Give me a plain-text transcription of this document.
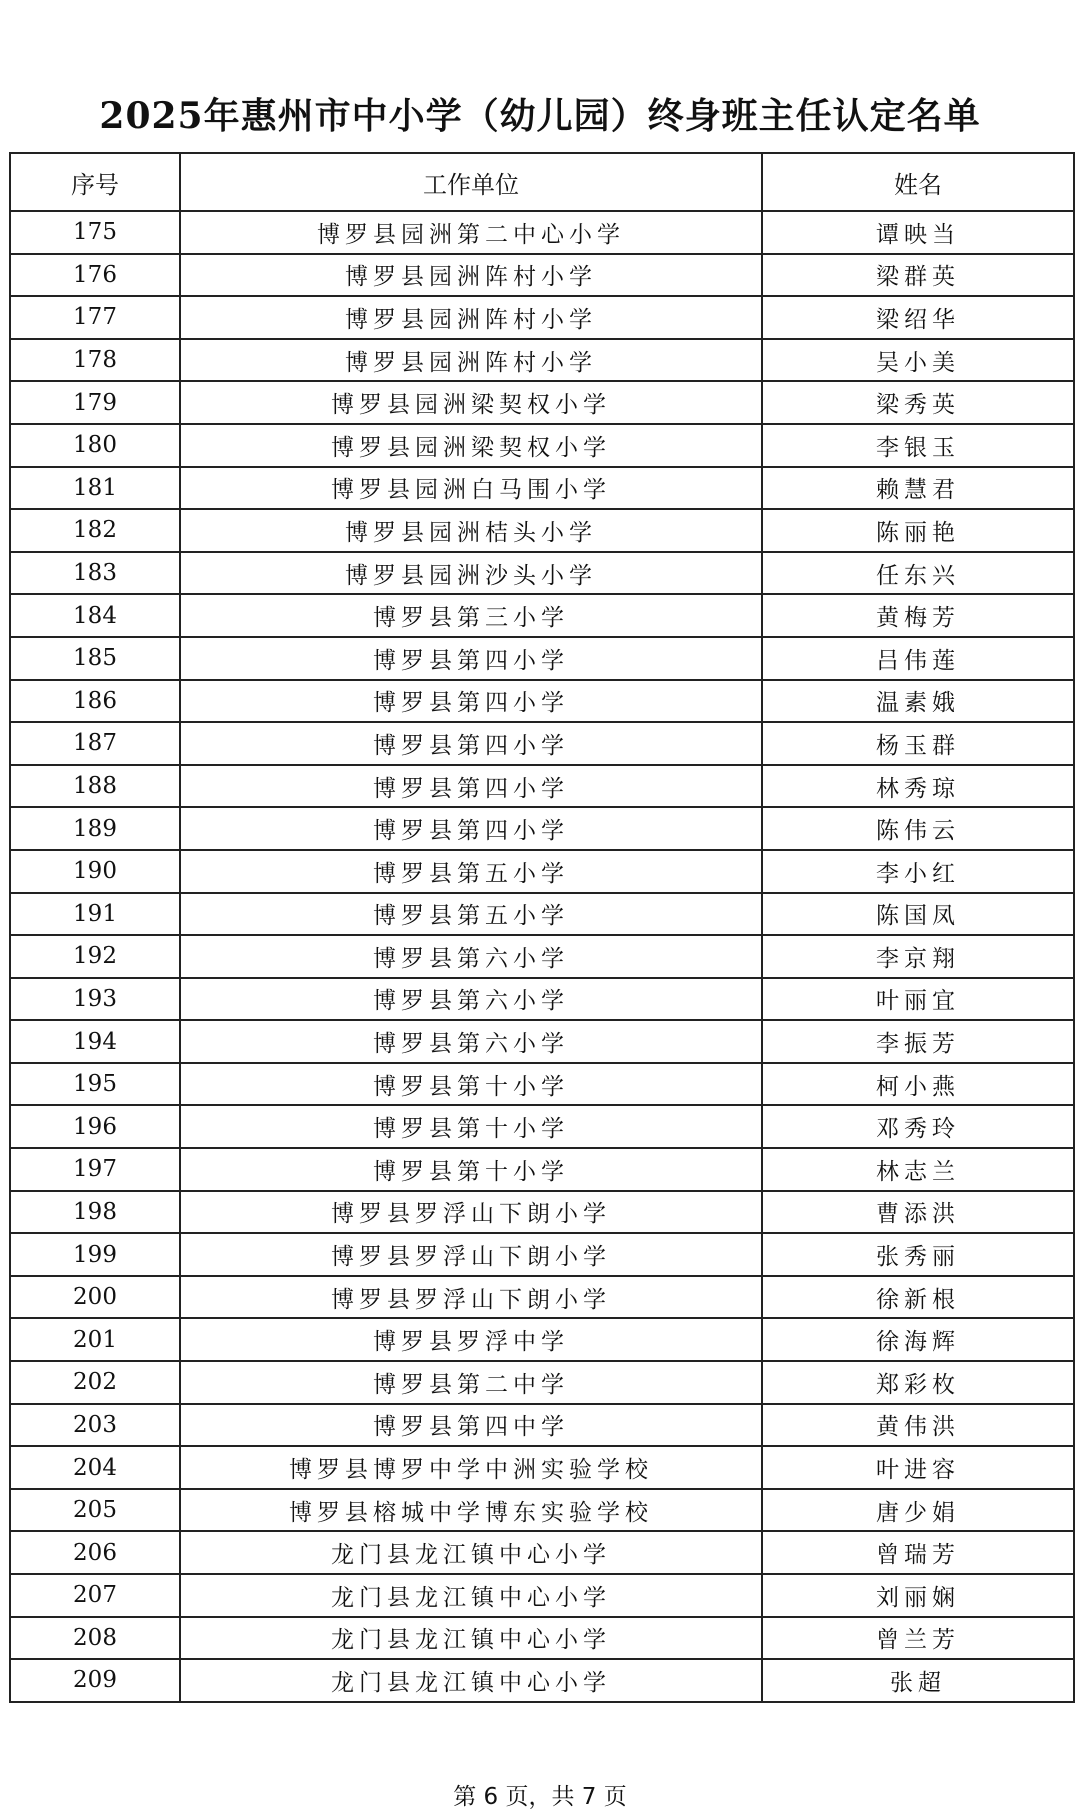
2025年惠州市中小学（幼儿园）终身班主任认定名单
序号	工作单位	姓名
175	博罗县园洲第二中心小学	谭映当
176	博罗县园洲阵村小学	梁群英
177	博罗县园洲阵村小学	梁绍华
178	博罗县园洲阵村小学	吴小美
179	博罗县园洲梁契权小学	梁秀英
180	博罗县园洲梁契权小学	李银玉
181	博罗县园洲白马围小学	赖慧君
182	博罗县园洲桔头小学	陈丽艳
183	博罗县园洲沙头小学	任东兴
184	博罗县第三小学	黄梅芳
185	博罗县第四小学	吕伟莲
186	博罗县第四小学	温素娥
187	博罗县第四小学	杨玉群
188	博罗县第四小学	林秀琼
189	博罗县第四小学	陈伟云
190	博罗县第五小学	李小红
191	博罗县第五小学	陈国凤
192	博罗县第六小学	李京翔
193	博罗县第六小学	叶丽宜
194	博罗县第六小学	李振芳
195	博罗县第十小学	柯小燕
196	博罗县第十小学	邓秀玲
197	博罗县第十小学	林志兰
198	博罗县罗浮山下朗小学	曹添洪
199	博罗县罗浮山下朗小学	张秀丽
200	博罗县罗浮山下朗小学	徐新根
201	博罗县罗浮中学	徐海辉
202	博罗县第二中学	郑彩枚
203	博罗县第四中学	黄伟洪
204	博罗县博罗中学中洲实验学校	叶进容
205	博罗县榕城中学博东实验学校	唐少娟
206	龙门县龙江镇中心小学	曾瑞芳
207	龙门县龙江镇中心小学	刘丽娴
208	龙门县龙江镇中心小学	曾兰芳
209	龙门县龙江镇中心小学	张超
第 6 页，共 7 页
